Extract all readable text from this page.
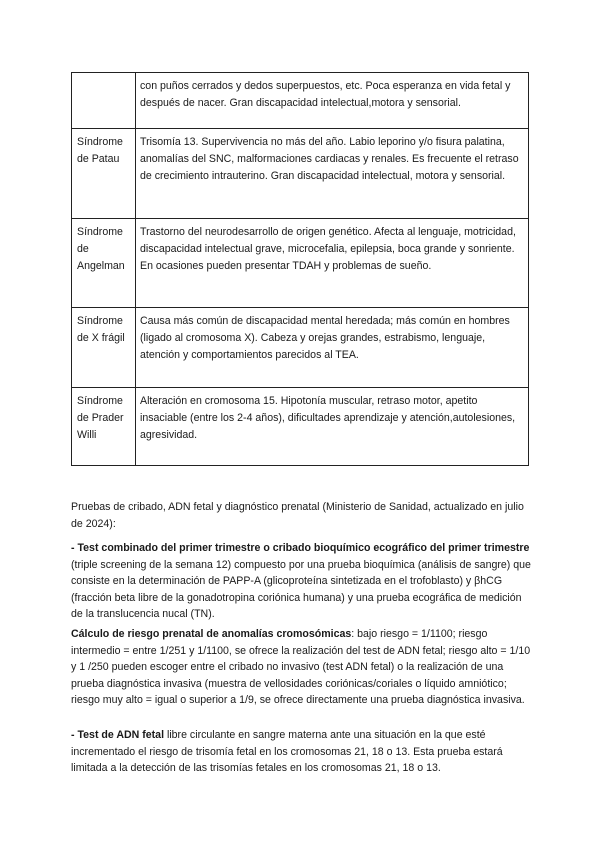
	con puños cerrados y dedos superpuestos, etc. Poca esperanza en vida fetal y después de nacer. Gran discapacidad intelectual,motora y sensorial.
Síndrome de Patau	Trisomía 13. Supervivencia no más del año. Labio leporino y/o fisura palatina, anomalías del SNC, malformaciones cardiacas y renales. Es frecuente el retraso de crecimiento intrauterino. Gran discapacidad intelectual, motora y sensorial.
Síndrome de Angelman	Trastorno del neurodesarrollo de origen genético. Afecta al lenguaje, motricidad, discapacidad intelectual grave, microcefalia, epilepsia, boca grande y sonriente. En ocasiones pueden presentar TDAH y problemas de sueño.
Síndrome de X frágil	Causa más común de discapacidad mental heredada; más común en hombres (ligado al cromosoma X). Cabeza y orejas grandes, estrabismo, lenguaje, atención y comportamientos parecidos al TEA.
Síndrome de Prader Willi	Alteración en cromosoma 15. Hipotonía muscular, retraso motor, apetito insaciable (entre los 2-4 años), dificultades aprendizaje y atención,autolesiones, agresividad.

Pruebas de cribado, ADN fetal y diagnóstico prenatal (Ministerio de Sanidad, actualizado en julio de 2024):

- Test combinado del primer trimestre o cribado bioquímico ecográfico del primer trimestre (triple screening de la semana 12) compuesto por una prueba bioquímica (análisis de sangre) que consiste en la determinación de PAPP-A (glicoproteína sintetizada en el trofoblasto) y βhCG (fracción beta libre de la gonadotropina coriónica humana) y una prueba ecográfica de medición de la translucencia nucal (TN).

Cálculo de riesgo prenatal de anomalías cromosómicas: bajo riesgo = 1/1100; riesgo intermedio = entre 1/251 y 1/1100, se ofrece la realización del test de ADN fetal; riesgo alto = 1/10 y 1 /250 pueden escoger entre el cribado no invasivo (test ADN fetal) o la realización de una prueba diagnóstica invasiva (muestra de vellosidades coriónicas/coriales o líquido amniótico; riesgo muy alto = igual o superior a 1/9, se ofrece directamente una prueba diagnóstica invasiva.

- Test de ADN fetal libre circulante en sangre materna ante una situación en la que esté incrementado el riesgo de trisomía fetal en los cromosomas 21, 18 o 13. Esta prueba estará limitada a la detección de las trisomías fetales en los cromosomas 21, 18 o 13.
